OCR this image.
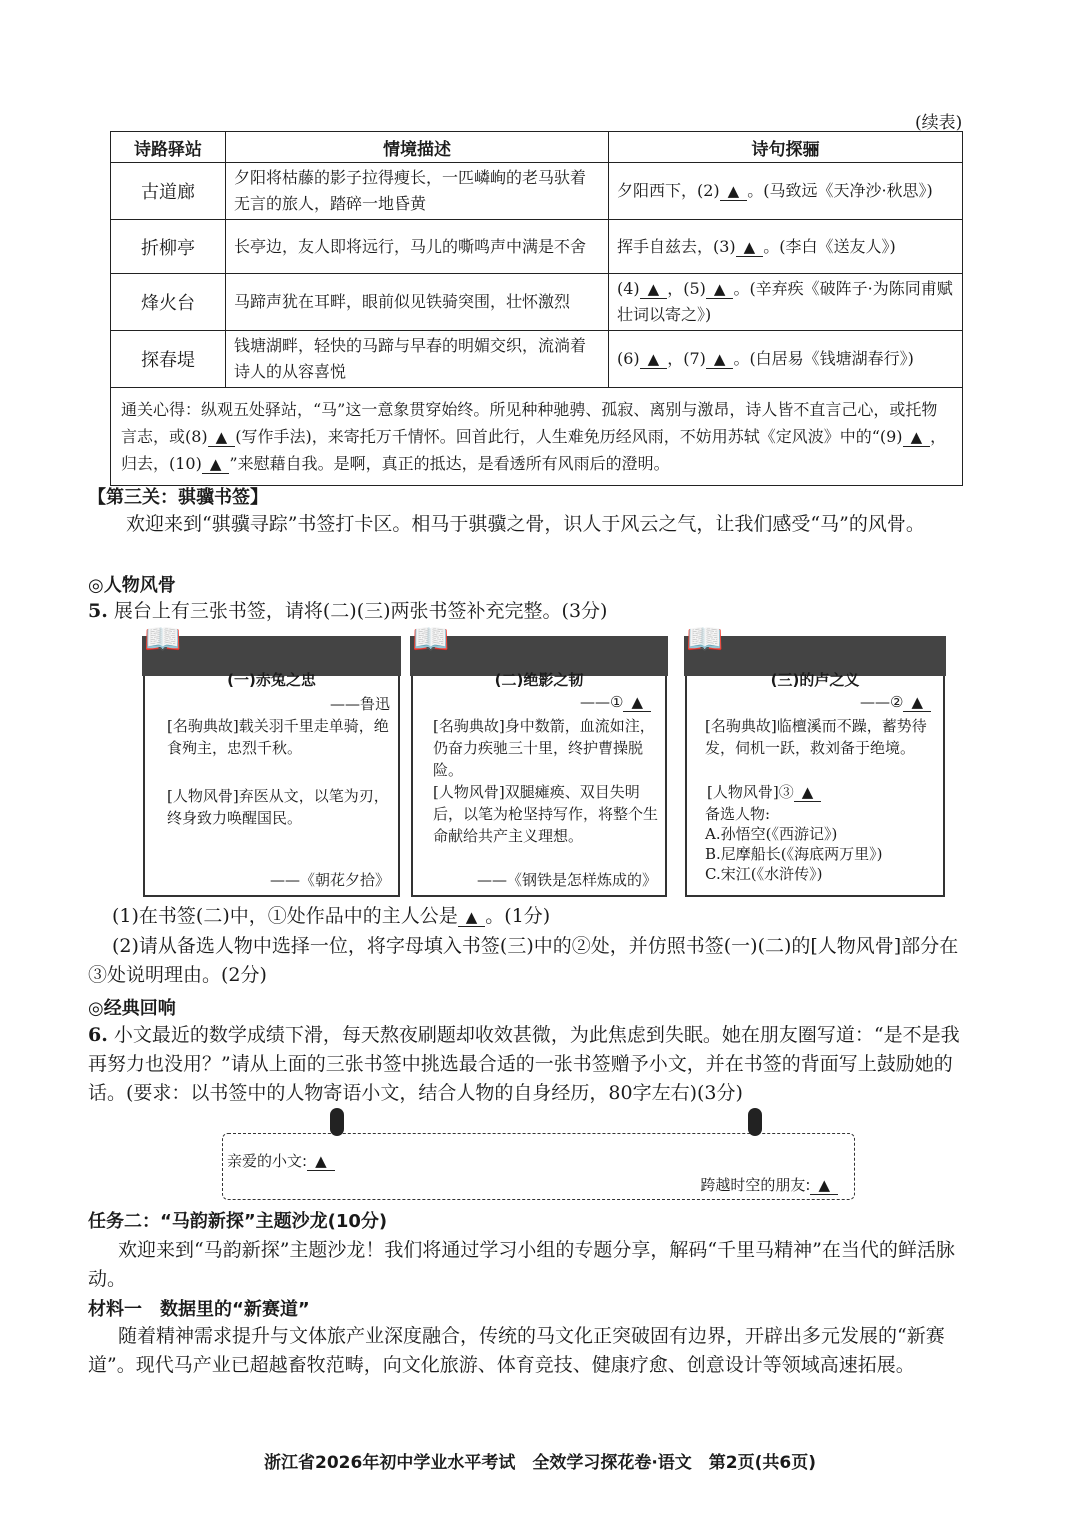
(续表)
诗路驿站	情境描述	诗句探骊
古道廊	夕阳将枯藤的影子拉得瘦长，一匹嶙峋的老马驮着无言的旅人，踏碎一地昏黄	夕阳西下，(2) ▲ 。(马致远《天净沙·秋思》)
折柳亭	长亭边，友人即将远行，马儿的嘶鸣声中满是不舍	挥手自兹去，(3) ▲ 。(李白《送友人》)
烽火台	马蹄声犹在耳畔，眼前似见铁骑突围，壮怀激烈	(4) ▲ ，(5) ▲ 。(辛弃疾《破阵子·为陈同甫赋壮词以寄之》)
探春堤	钱塘湖畔，轻快的马蹄与早春的明媚交织，流淌着诗人的从容喜悦	(6) ▲ ，(7) ▲ 。(白居易《钱塘湖春行》)
通关心得：纵观五处驿站，“马”这一意象贯穿始终。所见种种驰骋、孤寂、离别与激昂，诗人皆不直言己心，或托物言志，或(8) ▲ (写作手法)，来寄托万千情怀。回首此行，人生难免历经风雨，不妨用苏轼《定风波》中的“(9) ▲ ，归去，(10) ▲ ”来慰藉自我。是啊，真正的抵达，是看透所有风雨后的澄明。		
【第三关：骐骥书签】
欢迎来到“骐骥寻踪”书签打卡区。相马于骐骥之骨，识人于风云之气，让我们感受“马”的风骨。
◎人物风骨
5. 展台上有三张书签，请将(二)(三)两张书签补充完整。(3分)
📖
(一)赤兔之忠
——鲁迅
[名驹典故]载关羽千里走单骑，绝食殉主，忠烈千秋。
[人物风骨]弃医从文，以笔为刃，终身致力唤醒国民。
——《朝花夕拾》
📖
(二)绝影之韧
——① ▲
[名驹典故]身中数箭，血流如注，仍奋力疾驰三十里，终护曹操脱险。
[人物风骨]双腿瘫痪、双目失明后，以笔为枪坚持写作，将整个生命献给共产主义理想。
——《钢铁是怎样炼成的》
📖
(三)的卢之义
——② ▲
[名驹典故]临檀溪而不躁，蓄势待发，伺机一跃，救刘备于绝境。
[人物风骨]③ ▲
备选人物:
A.孙悟空(《西游记》)
B.尼摩船长(《海底两万里》)
C.宋江(《水浒传》)
(1)在书签(二)中，①处作品中的主人公是 ▲ 。(1分)
(2)请从备选人物中选择一位，将字母填入书签(三)中的②处，并仿照书签(一)(二)的[人物风骨]部分在③处说明理由。(2分)
◎经典回响
6. 小文最近的数学成绩下滑，每天熬夜刷题却收效甚微，为此焦虑到失眠。她在朋友圈写道：“是不是我再努力也没用？”请从上面的三张书签中挑选最合适的一张书签赠予小文，并在书签的背面写上鼓励她的话。(要求：以书签中的人物寄语小文，结合人物的自身经历，80字左右)(3分)
亲爱的小文: ▲
跨越时空的朋友: ▲
任务二：“马韵新探”主题沙龙(10分)
欢迎来到“马韵新探”主题沙龙！我们将通过学习小组的专题分享，解码“千里马精神”在当代的鲜活脉动。
材料一　数据里的“新赛道”
随着精神需求提升与文体旅产业深度融合，传统的马文化正突破固有边界，开辟出多元发展的“新赛道”。现代马产业已超越畜牧范畴，向文化旅游、体育竞技、健康疗愈、创意设计等领域高速拓展。
浙江省2026年初中学业水平考试　全效学习探花卷·语文　第2页(共6页)
